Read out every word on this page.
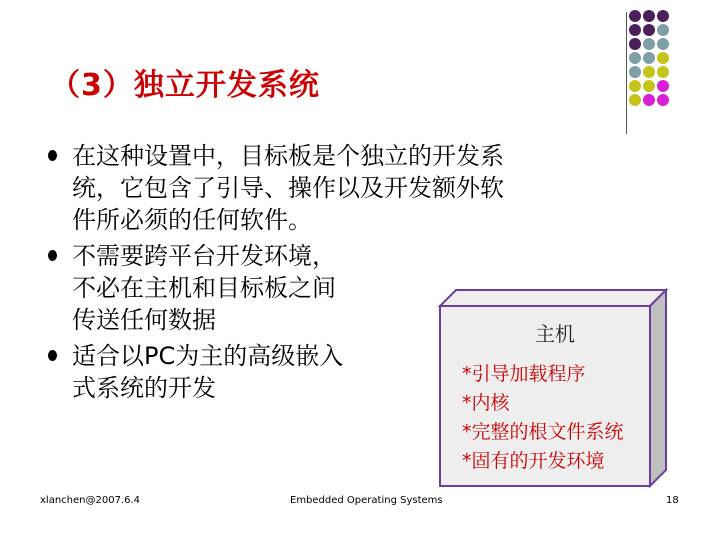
（3）独立开发系统
在这种设置中，目标板是个独立的开发系
统，它包含了引导、操作以及开发额外软
件所必须的任何软件。
不需要跨平台开发环境，
不必在主机和目标板之间
传送任何数据
适合以PC为主的高级嵌入
式系统的开发
主机
*引导加载程序
*内核
*完整的根文件系统
*固有的开发环境
xlanchen@2007.6.4	Embedded Operating Systems	18
